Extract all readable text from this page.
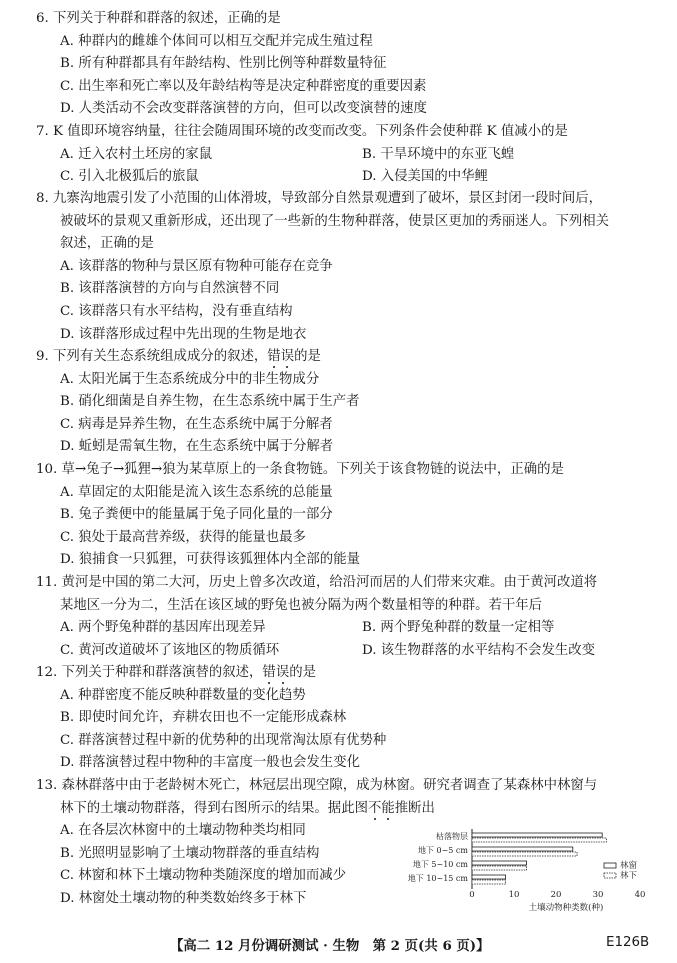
6. 下列关于种群和群落的叙述，正确的是
A. 种群内的雌雄个体间可以相互交配并完成生殖过程
B. 所有种群都具有年龄结构、性别比例等种群数量特征
C. 出生率和死亡率以及年龄结构等是决定种群密度的重要因素
D. 人类活动不会改变群落演替的方向，但可以改变演替的速度
7. K 值即环境容纳量，往往会随周围环境的改变而改变。下列条件会使种群 K 值减小的是
A. 迁入农村土坯房的家鼠	B. 干旱环境中的东亚飞蝗
C. 引入北极狐后的旅鼠	D. 入侵美国的中华鲤
8. 九寨沟地震引发了小范围的山体滑坡，导致部分自然景观遭到了破坏，景区封闭一段时间后，
被破坏的景观又重新形成，还出现了一些新的生物种群落，使景区更加的秀丽迷人。下列相关
叙述，正确的是
A. 该群落的物种与景区原有物种可能存在竞争
B. 该群落演替的方向与自然演替不同
C. 该群落只有水平结构，没有垂直结构
D. 该群落形成过程中先出现的生物是地衣
9. 下列有关生态系统组成成分的叙述，错误的是
A. 太阳光属于生态系统成分中的非生物成分
B. 硝化细菌是自养生物，在生态系统中属于生产者
C. 病毒是异养生物，在生态系统中属于分解者
D. 蚯蚓是需氧生物，在生态系统中属于分解者
10. 草→兔子→狐狸→狼为某草原上的一条食物链。下列关于该食物链的说法中，正确的是
A. 草固定的太阳能是流入该生态系统的总能量
B. 兔子粪便中的能量属于兔子同化量的一部分
C. 狼处于最高营养级，获得的能量也最多
D. 狼捕食一只狐狸，可获得该狐狸体内全部的能量
11. 黄河是中国的第二大河，历史上曾多次改道，给沿河而居的人们带来灾难。由于黄河改道将
某地区一分为二，生活在该区域的野兔也被分隔为两个数量相等的种群。若干年后
A. 两个野兔种群的基因库出现差异	B. 两个野兔种群的数量一定相等
C. 黄河改道破坏了该地区的物质循环	D. 该生物群落的水平结构不会发生改变
12. 下列关于种群和群落演替的叙述，错误的是
A. 种群密度不能反映种群数量的变化趋势
B. 即使时间允许，弃耕农田也不一定能形成森林
C. 群落演替过程中新的优势种的出现常淘汰原有优势种
D. 群落演替过程中物种的丰富度一般也会发生变化
13. 森林群落中由于老龄树木死亡，林冠层出现空隙，成为林窗。研究者调查了某森林中林窗与
林下的土壤动物群落，得到右图所示的结果。据此图不能推断出
A. 在各层次林窗中的土壤动物种类均相同
B. 光照明显影响了土壤动物群落的垂直结构
C. 林窗和林下土壤动物种类随深度的增加而减少
D. 林窗处土壤动物的种类数始终多于林下
枯落物层
地下 0~5 cm
地下 5~10 cm
地下 10~15 cm
0	10	20	30	40
土壤动物种类数(种)
林窗
林下
【高二 12 月份调研测试 · 生物　第 2 页(共 6 页)】	E126B
